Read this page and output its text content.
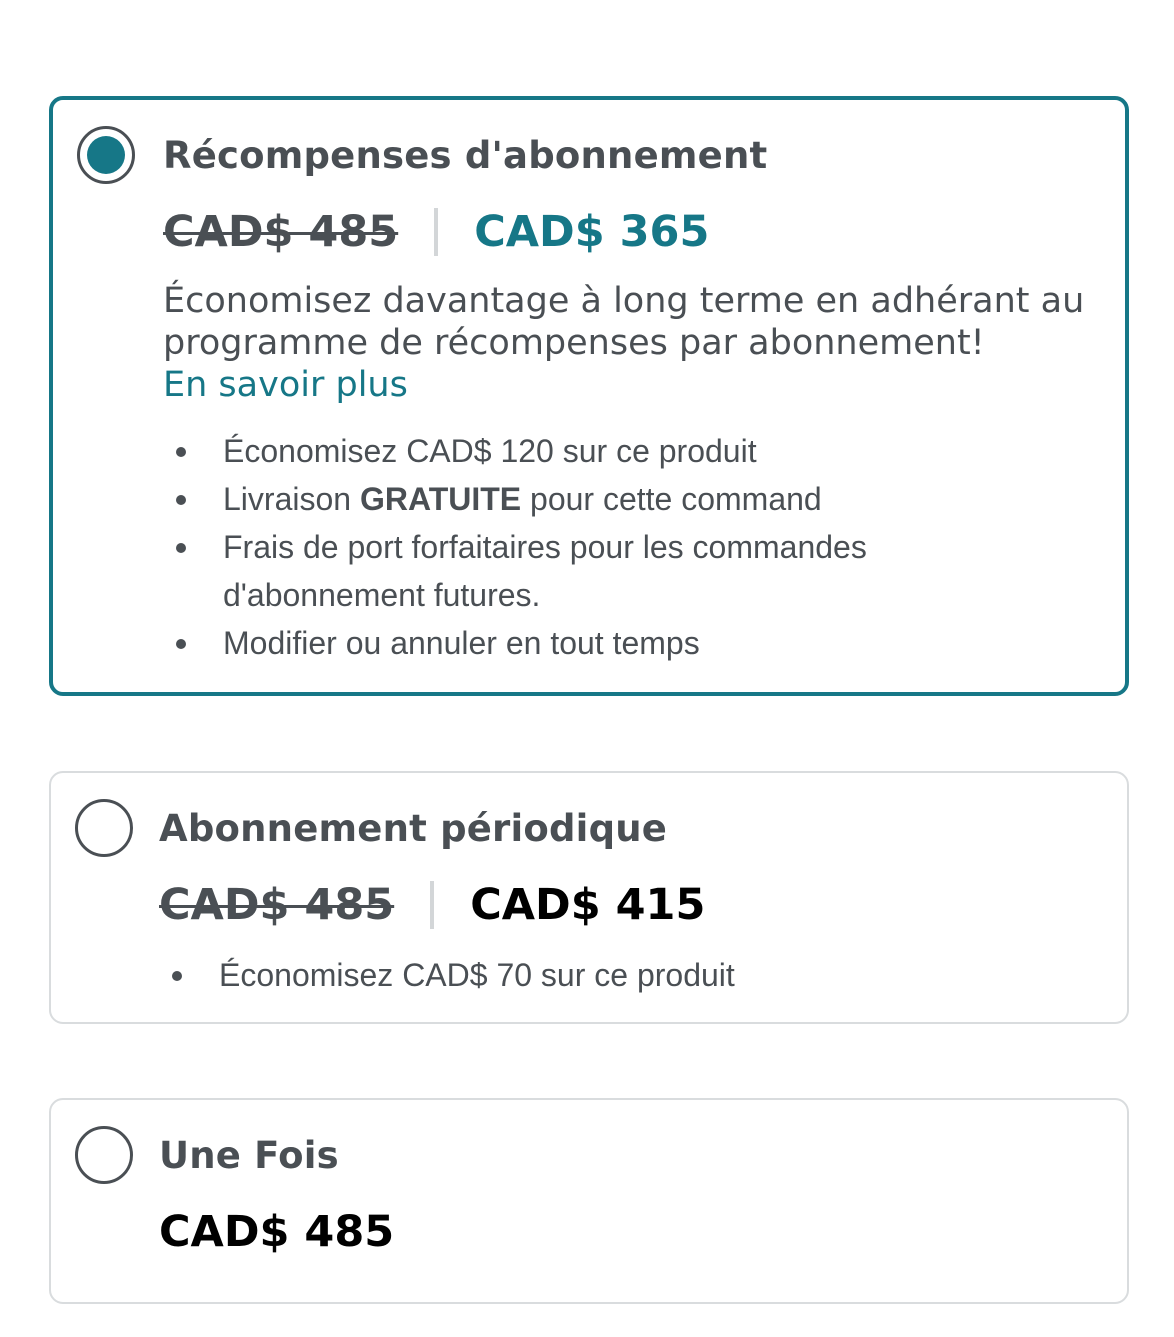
Récompenses d'abonnement
CAD$ 485 CAD$ 365
Économisez davantage à long terme en adhérant au programme de récompenses par abonnement!
En savoir plus
Économisez CAD$ 120 sur ce produit
Livraison GRATUITE pour cette command
Frais de port forfaitaires pour les commandes d'abonnement futures.
Modifier ou annuler en tout temps
Abonnement périodique
CAD$ 485 CAD$ 415
Économisez CAD$ 70 sur ce produit
Une Fois
CAD$ 485
